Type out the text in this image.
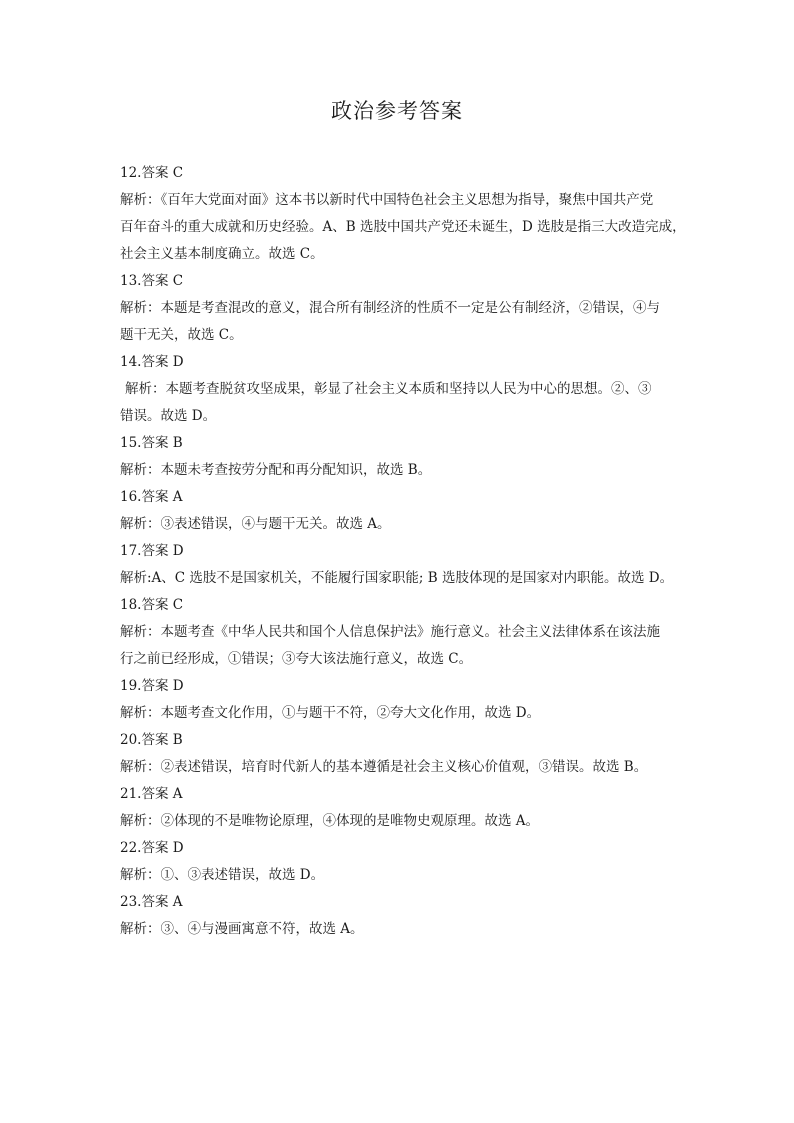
政治参考答案
12.答案 C
解析：《百年大党面对面》这本书以新时代中国特色社会主义思想为指导，聚焦中国共产党
百年奋斗的重大成就和历史经验。A、B 选肢中国共产党还未诞生，D 选肢是指三大改造完成，
社会主义基本制度确立。故选 C。
13.答案 C
解析：本题是考查混改的意义，混合所有制经济的性质不一定是公有制经济，②错误，④与
题干无关，故选 C。
14.答案 D
解析：本题考查脱贫攻坚成果，彰显了社会主义本质和坚持以人民为中心的思想。②、③
错误。故选 D。
15.答案 B
解析：本题未考查按劳分配和再分配知识，故选 B。
16.答案 A
解析：③表述错误，④与题干无关。故选 A。
17.答案 D
解析:A、C 选肢不是国家机关，不能履行国家职能; B 选肢体现的是国家对内职能。故选 D。
18.答案 C
解析：本题考查《中华人民共和国个人信息保护法》施行意义。社会主义法律体系在该法施
行之前已经形成，①错误；③夸大该法施行意义，故选 C。
19.答案 D
解析：本题考查文化作用，①与题干不符，②夸大文化作用，故选 D。
20.答案 B
解析：②表述错误，培育时代新人的基本遵循是社会主义核心价值观，③错误。故选 B。
21.答案 A
解析：②体现的不是唯物论原理，④体现的是唯物史观原理。故选 A。
22.答案 D
解析：①、③表述错误，故选 D。
23.答案 A
解析：③、④与漫画寓意不符，故选 A。
